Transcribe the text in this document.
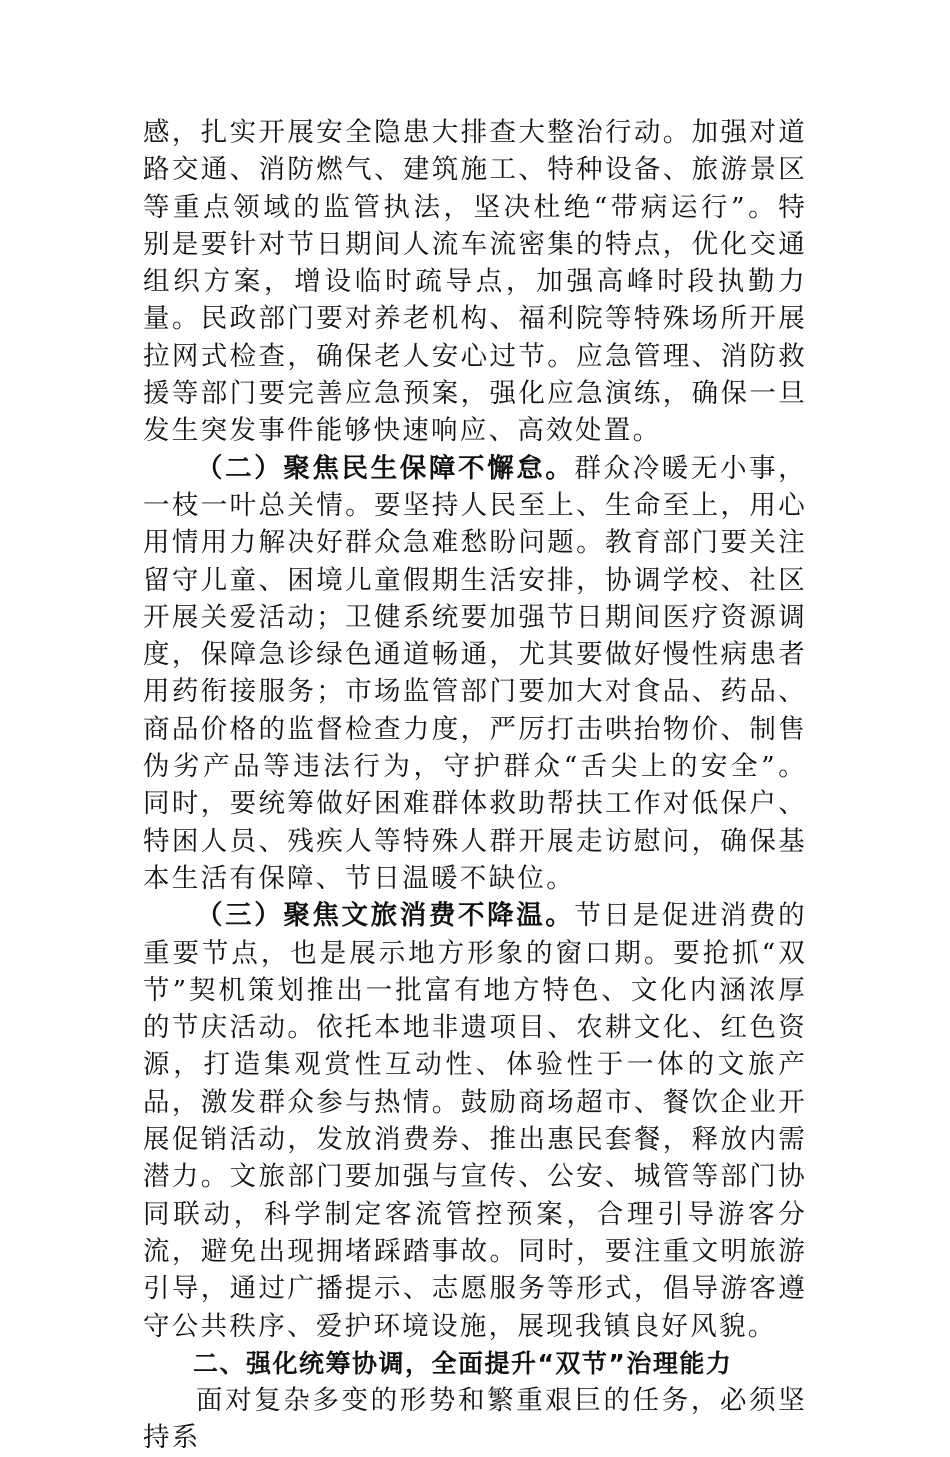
感，扎实开展安全隐患大排查大整治行动。加强对道路交通、消防燃气、建筑施工、特种设备、旅游景区等重点领域的监管执法，坚决杜绝“带病运行”。特别是要针对节日期间人流车流密集的特点，优化交通组织方案，增设临时疏导点，加强高峰时段执勤力量。民政部门要对养老机构、福利院等特殊场所开展拉网式检查，确保老人安心过节。应急管理、消防救援等部门要完善应急预案，强化应急演练，确保一旦发生突发事件能够快速响应、高效处置。

（二）聚焦民生保障不懈怠。群众冷暖无小事，一枝一叶总关情。要坚持人民至上、生命至上，用心用情用力解决好群众急难愁盼问题。教育部门要关注留守儿童、困境儿童假期生活安排，协调学校、社区开展关爱活动；卫健系统要加强节日期间医疗资源调度，保障急诊绿色通道畅通，尤其要做好慢性病患者用药衔接服务；市场监管部门要加大对食品、药品、商品价格的监督检查力度，严厉打击哄抬物价、制售伪劣产品等违法行为，守护群众“舌尖上的安全”。同时，要统筹做好困难群体救助帮扶工作对低保户、特困人员、残疾人等特殊人群开展走访慰问，确保基本生活有保障、节日温暖不缺位。

（三）聚焦文旅消费不降温。节日是促进消费的重要节点，也是展示地方形象的窗口期。要抢抓“双节”契机策划推出一批富有地方特色、文化内涵浓厚的节庆活动。依托本地非遗项目、农耕文化、红色资源，打造集观赏性互动性、体验性于一体的文旅产品，激发群众参与热情。鼓励商场超市、餐饮企业开展促销活动，发放消费券、推出惠民套餐，释放内需潜力。文旅部门要加强与宣传、公安、城管等部门协同联动，科学制定客流管控预案，合理引导游客分流，避免出现拥堵踩踏事故。同时，要注重文明旅游引导，通过广播提示、志愿服务等形式，倡导游客遵守公共秩序、爱护环境设施，展现我镇良好风貌。

二、强化统筹协调，全面提升“双节”治理能力

面对复杂多变的形势和繁重艰巨的任务，必须坚持系
